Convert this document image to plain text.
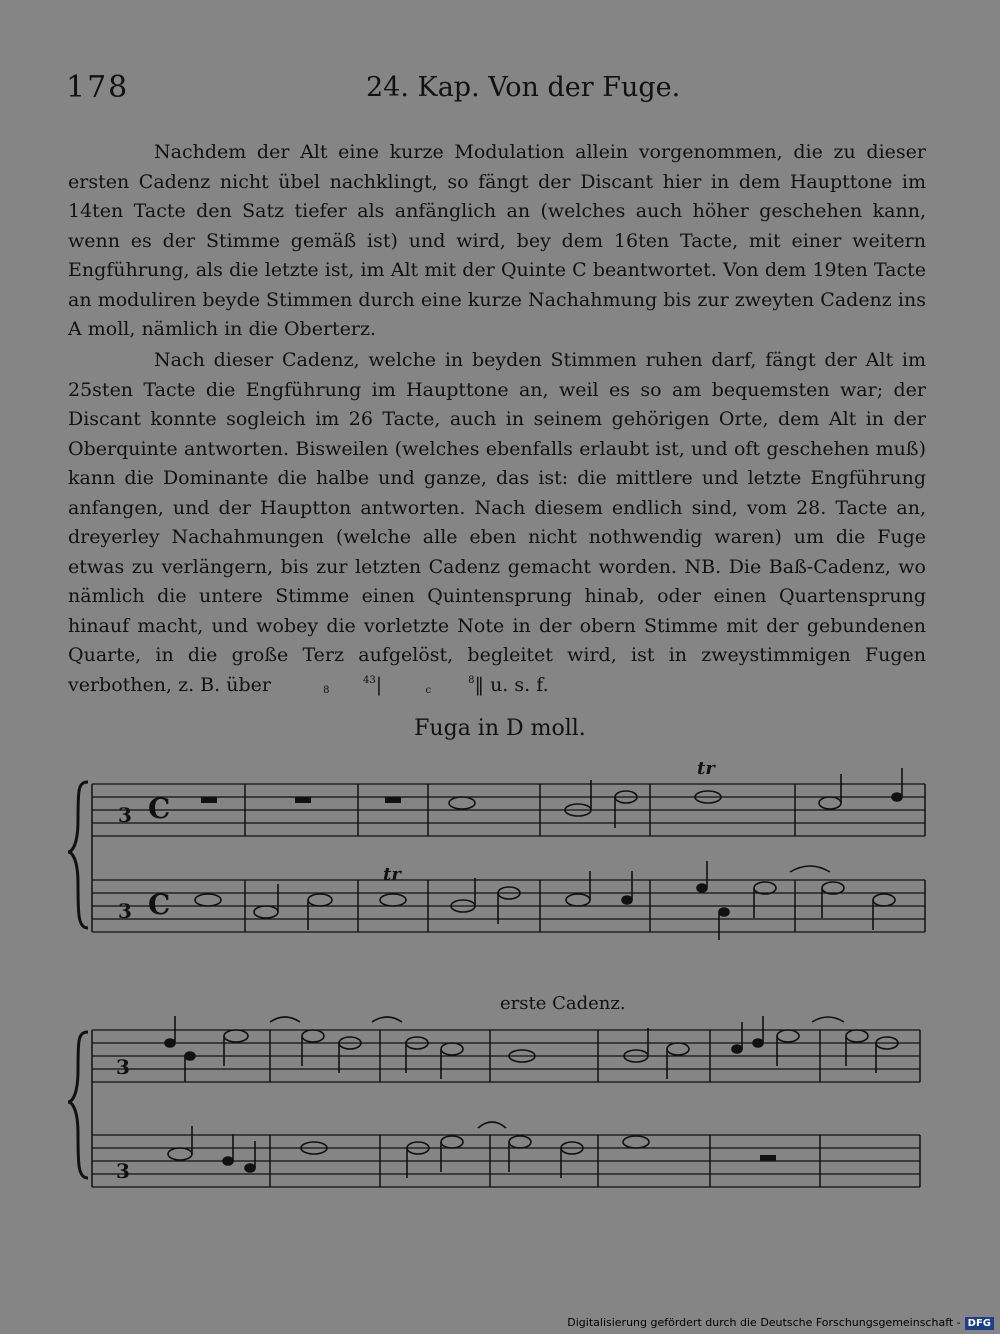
178	24. Kap. Von der Fuge.

Nachdem der Alt eine kurze Modulation allein vorgenommen, die zu dieser ersten Cadenz nicht übel nachklingt, so fängt der Discant hier in dem Haupttone im 14ten Tacte den Satz tiefer als anfänglich an (welches auch höher geschehen kann, wenn es der Stimme gemäß ist) und wird, bey dem 16ten Tacte, mit einer weitern Engführung, als die letzte ist, im Alt mit der Quinte C beantwortet. Von dem 19ten Tacte an moduliren beyde Stimmen durch eine kurze Nachahmung bis zur zweyten Cadenz ins A moll, nämlich in die Oberterz.

Nach dieser Cadenz, welche in beyden Stimmen ruhen darf, fängt der Alt im 25sten Tacte die Engführung im Haupttone an, weil es so am bequemsten war; der Discant konnte sogleich im 26 Tacte, auch in seinem gehörigen Orte, dem Alt in der Oberquinte antworten. Bisweilen (welches ebenfalls erlaubt ist, und oft geschehen muß) kann die Dominante die halbe und ganze, das ist: die mittlere und letzte Engführung anfangen, und der Hauptton antworten. Nach diesem endlich sind, vom 28. Tacte an, dreyerley Nachahmungen (welche alle eben nicht nothwendig waren) um die Fuge etwas zu verlängern, bis zur letzten Cadenz gemacht worden. NB. Die Baß-Cadenz, wo nämlich die untere Stimme einen Quintensprung hinab, oder einen Quartensprung hinauf macht, und wobey die vorletzte Note in der obern Stimme mit der gebundenen Quarte, in die große Terz aufgelöst, begleitet wird, ist in zweystimmigen Fugen verbothen, z. B. über	43
8 |	8
c ‖ u. s. f.

Fuga in D moll.
3 C
3 C
tr
tr
erste Cadenz.
3
3
Digitalisierung gefördert durch die Deutsche Forschungsgemeinschaft - DFG
